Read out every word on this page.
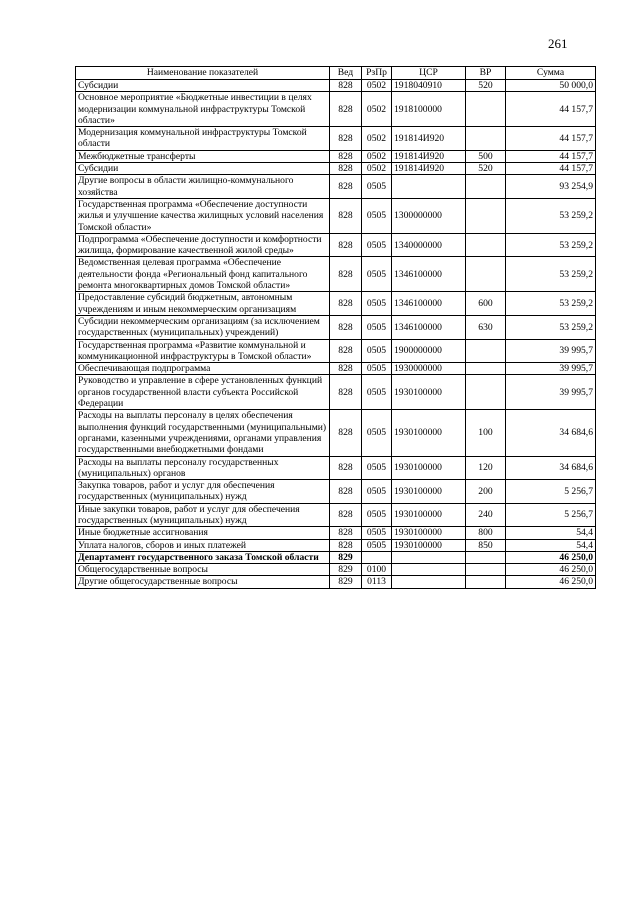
261
Наименование показателей	Вед	РзПр	ЦСР	ВР	Сумма
Субсидии	828	0502	1918040910	520	50 000,0
Основное мероприятие «Бюджетные инвестиции в целях модернизации коммунальной инфраструктуры Томской области»	828	0502	1918100000		44 157,7
Модернизация коммунальной инфраструктуры Томской области	828	0502	191814И920		44 157,7
Межбюджетные трансферты	828	0502	191814И920	500	44 157,7
Субсидии	828	0502	191814И920	520	44 157,7
Другие вопросы в области жилищно-коммунального хозяйства	828	0505			93 254,9
Государственная программа «Обеспечение доступности жилья и улучшение качества жилищных условий населения Томской области»	828	0505	1300000000		53 259,2
Подпрограмма «Обеспечение доступности и комфортности жилища, формирование качественной жилой среды»	828	0505	1340000000		53 259,2
Ведомственная целевая программа «Обеспечение деятельности фонда «Региональный фонд капитального ремонта многоквартирных домов Томской области»	828	0505	1346100000		53 259,2
Предоставление субсидий бюджетным, автономным учреждениям и иным некоммерческим организациям	828	0505	1346100000	600	53 259,2
Субсидии некоммерческим организациям (за исключением государственных (муниципальных) учреждений)	828	0505	1346100000	630	53 259,2
Государственная программа «Развитие коммунальной и коммуникационной инфраструктуры в Томской области»	828	0505	1900000000		39 995,7
Обеспечивающая подпрограмма	828	0505	1930000000		39 995,7
Руководство и управление в сфере установленных функций органов государственной власти субъекта Российской Федерации	828	0505	1930100000		39 995,7
Расходы на выплаты персоналу в целях обеспечения выполнения функций государственными (муниципальными) органами, казенными учреждениями, органами управления государственными внебюджетными фондами	828	0505	1930100000	100	34 684,6
Расходы на выплаты персоналу государственных (муниципальных) органов	828	0505	1930100000	120	34 684,6
Закупка товаров, работ и услуг для обеспечения государственных (муниципальных) нужд	828	0505	1930100000	200	5 256,7
Иные закупки товаров, работ и услуг для обеспечения государственных (муниципальных) нужд	828	0505	1930100000	240	5 256,7
Иные бюджетные ассигнования	828	0505	1930100000	800	54,4
Уплата налогов, сборов и иных платежей	828	0505	1930100000	850	54,4
Департамент государственного заказа Томской области	829				46 250,0
Общегосударственные вопросы	829	0100			46 250,0
Другие общегосударственные вопросы	829	0113			46 250,0
